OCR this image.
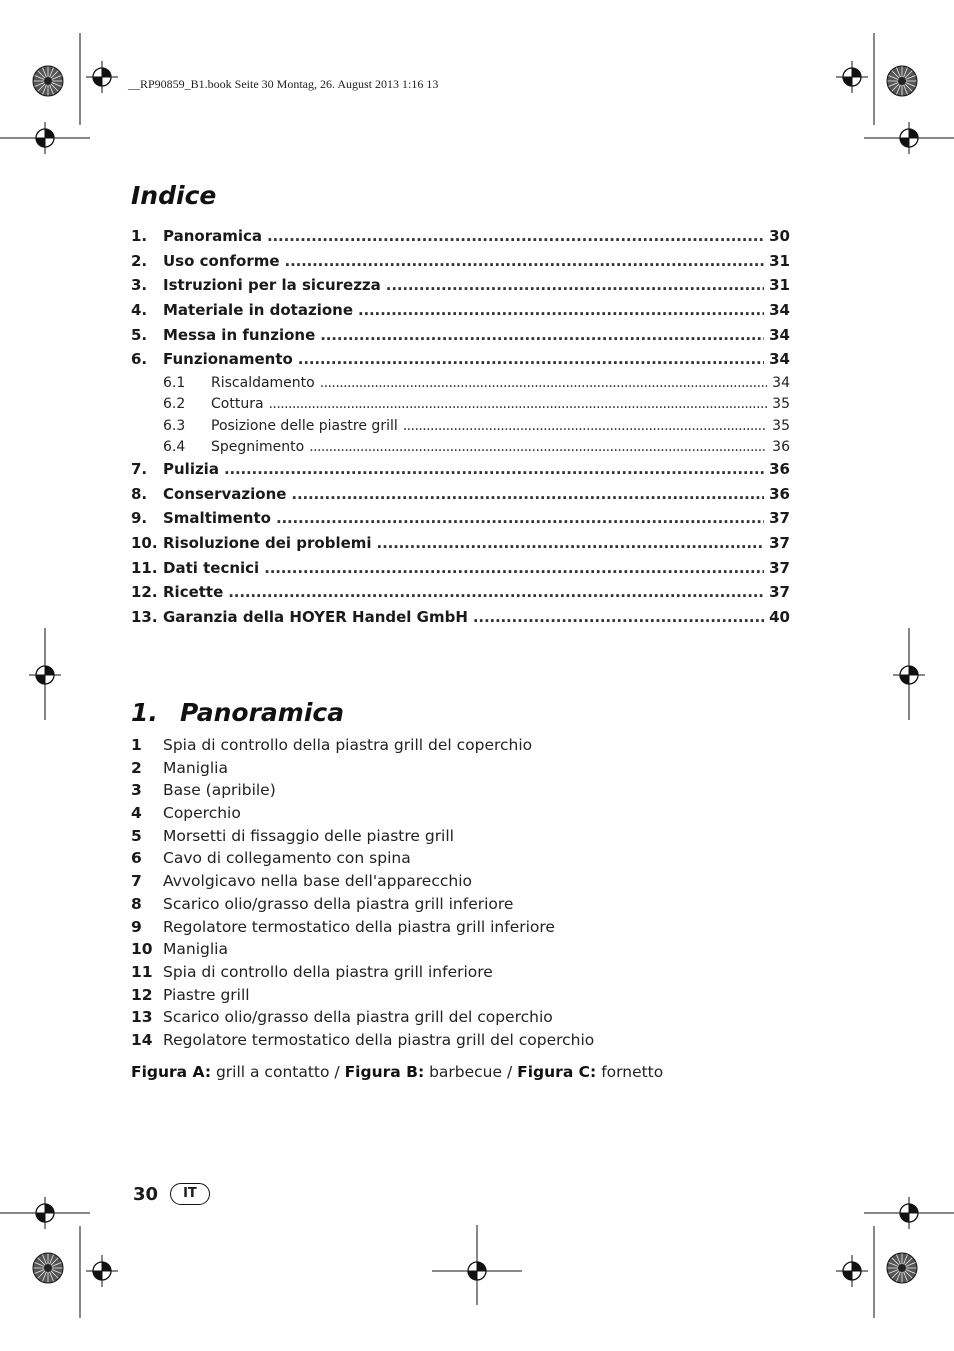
__RP90859_B1.book Seite 30 Montag, 26. August 2013 1:16 13
Indice
1.	Panoramica . . .	30
2.	Uso conforme . . .	31
3.	Istruzioni per la sicurezza . . .	31
4.	Materiale in dotazione . . .	34
5.	Messa in funzione . . .	34
6.	Funzionamento . . .	34
6.1	Riscaldamento . . .	34
6.2	Cottura . . .	35
6.3	Posizione delle piastre grill . . .	35
6.4	Spegnimento . . .	36
7.	Pulizia . . .	36
8.	Conservazione . . .	36
9.	Smaltimento . . .	37
10. Risoluzione dei problemi . . .	37
11. Dati tecnici . . .	37
12. Ricette . . .	37
13. Garanzia della HOYER Handel GmbH . . .	40
1. Panoramica
1	Spia di controllo della piastra grill del coperchio
2	Maniglia
3	Base (apribile)
4	Coperchio
5	Morsetti di fissaggio delle piastre grill
6	Cavo di collegamento con spina
7	Avvolgicavo nella base dell'apparecchio
8	Scarico olio/grasso della piastra grill inferiore
9	Regolatore termostatico della piastra grill inferiore
10 Maniglia
11 Spia di controllo della piastra grill inferiore
12 Piastre grill
13 Scarico olio/grasso della piastra grill del coperchio
14 Regolatore termostatico della piastra grill del coperchio
Figura A: grill a contatto / Figura B: barbecue / Figura C: fornetto
30	IT
